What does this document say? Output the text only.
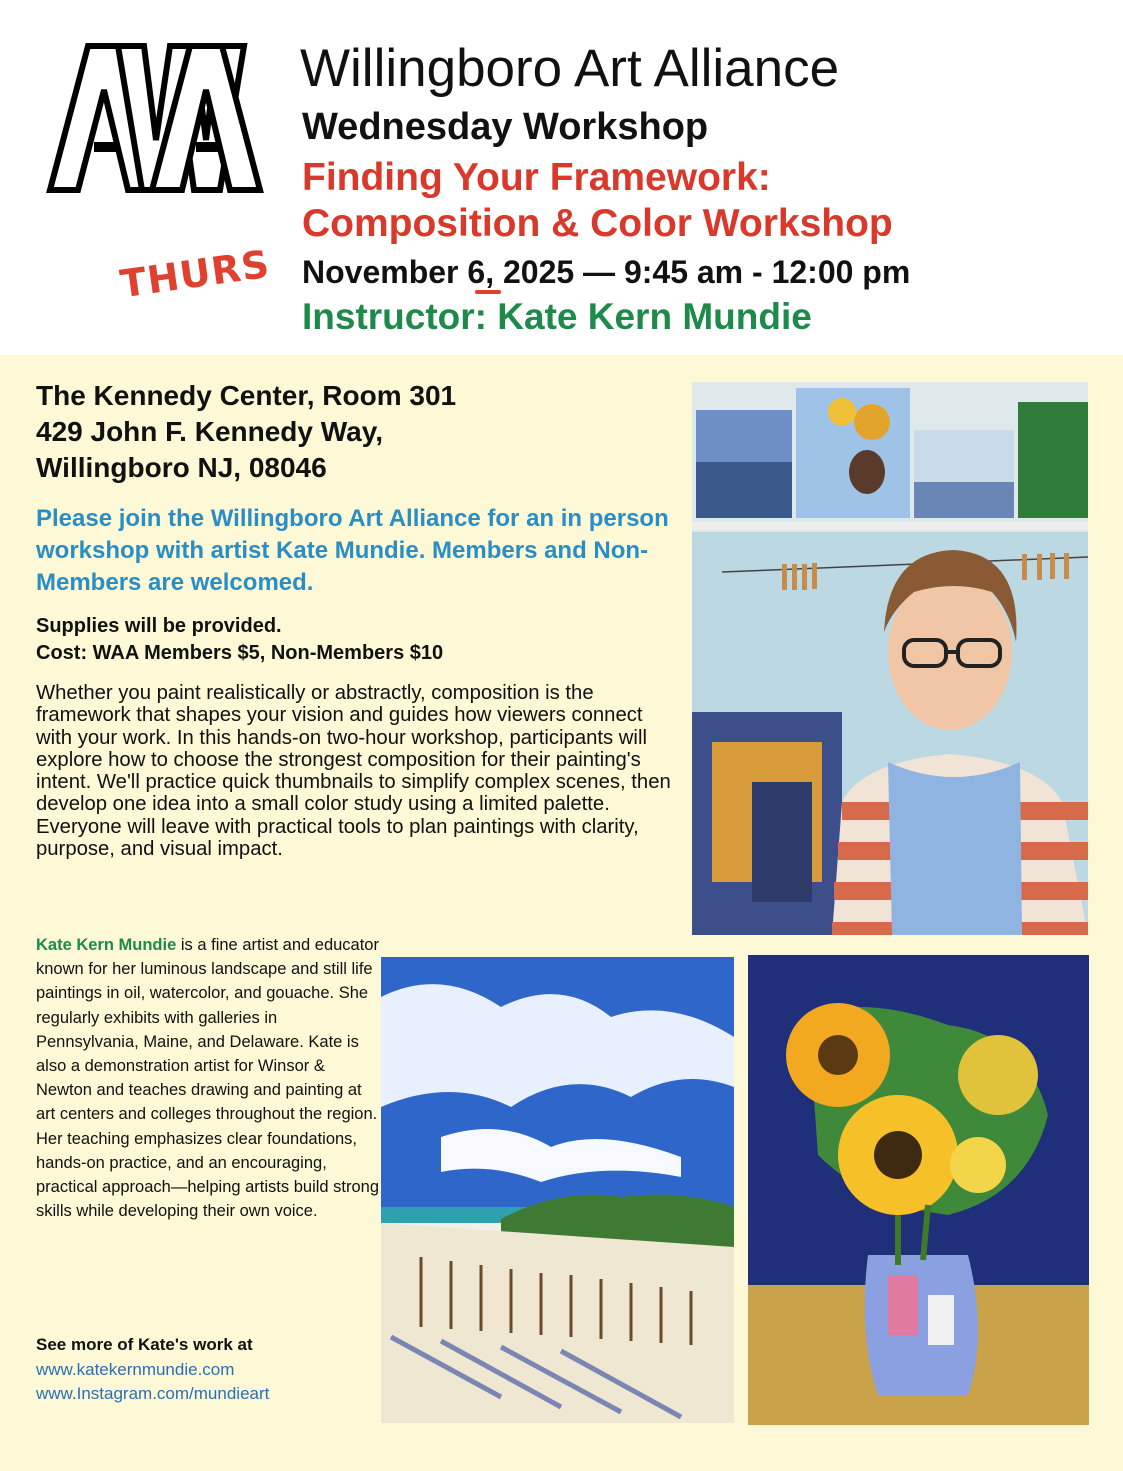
Willingboro Art Alliance
Wednesday Workshop
Finding Your Framework:
Composition & Color Workshop
THURS November 6, 2025 — 9:45 am - 12:00 pm
Instructor: Kate Kern Mundie
The Kennedy Center, Room 301
429 John F. Kennedy Way,
Willingboro NJ, 08046
Please join the Willingboro Art Alliance for an in person workshop with artist Kate Mundie. Members and Non-Members are welcomed.
Supplies will be provided.
Cost: WAA Members $5, Non-Members $10
Whether you paint realistically or abstractly, composition is the framework that shapes your vision and guides how viewers connect with your work. In this hands-on two-hour workshop, participants will explore how to choose the strongest composition for their painting's intent. We'll practice quick thumbnails to simplify complex scenes, then develop one idea into a small color study using a limited palette. Everyone will leave with practical tools to plan paintings with clarity, purpose, and visual impact.
Kate Kern Mundie is a fine artist and educator known for her luminous landscape and still life paintings in oil, watercolor, and gouache. She regularly exhibits with galleries in Pennsylvania, Maine, and Delaware. Kate is also a demonstration artist for Winsor & Newton and teaches drawing and painting at art centers and colleges throughout the region. Her teaching emphasizes clear foundations, hands-on practice, and an encouraging, practical approach—helping artists build strong skills while developing their own voice.
See more of Kate's work at
www.katekernmundie.com
www.Instagram.com/mundieart
